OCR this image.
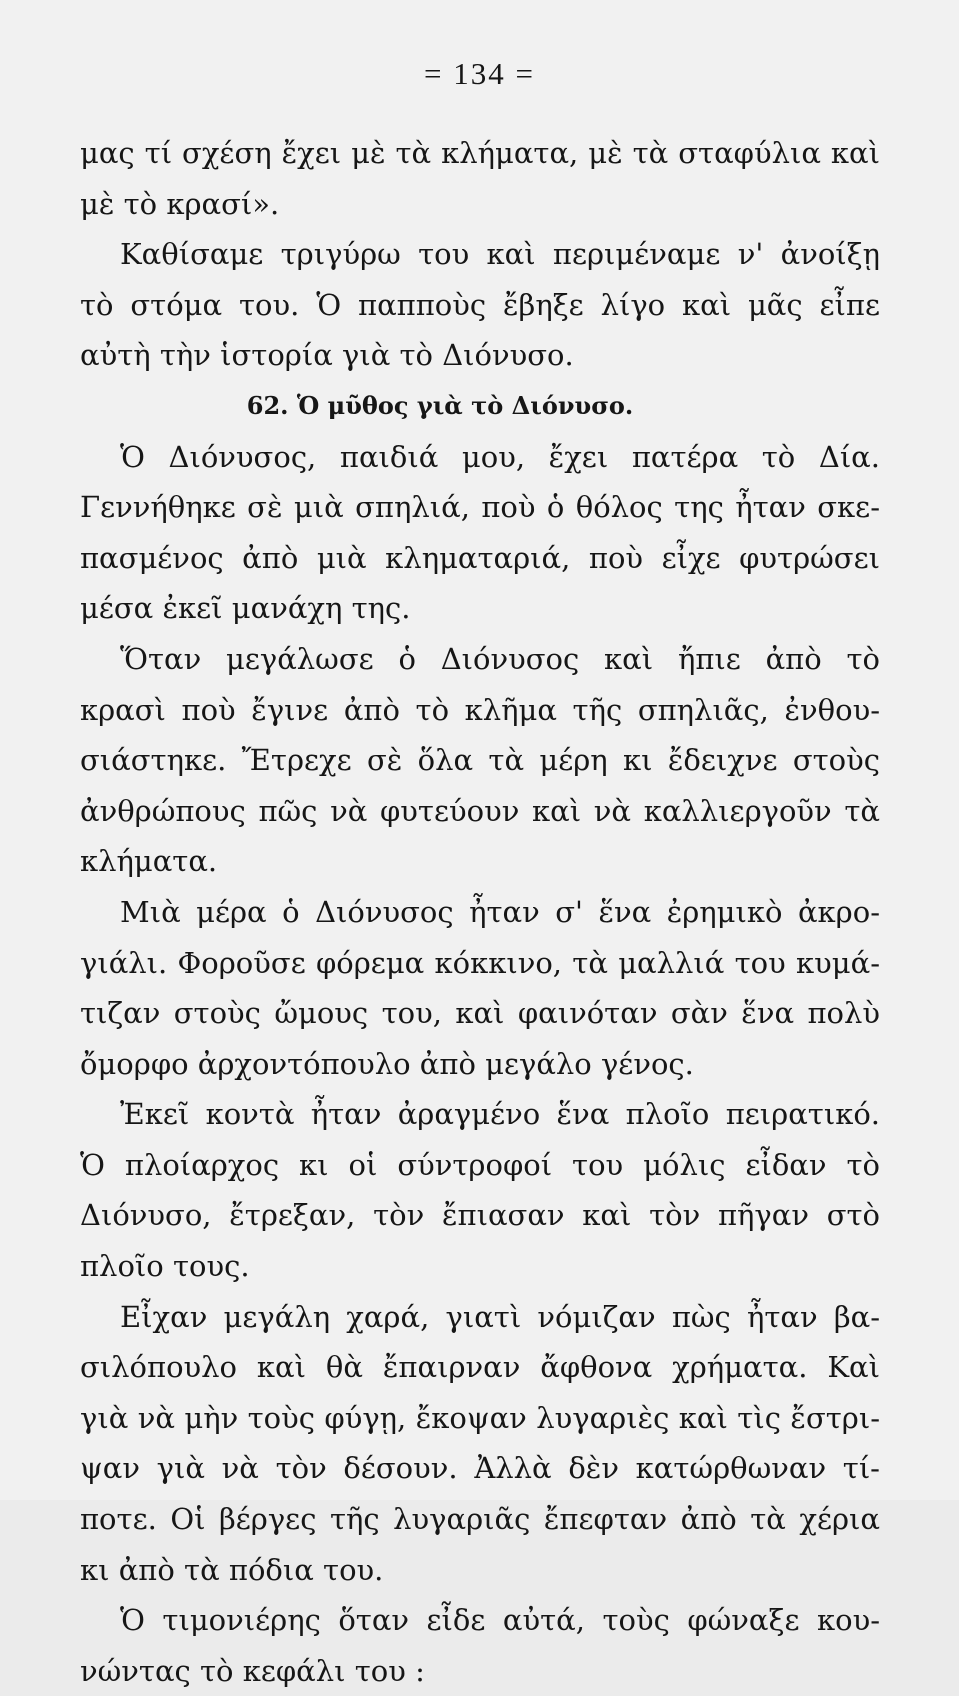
= 134 =
μας τί σχέση ἔχει μὲ τὰ κλήματα, μὲ τὰ σταφύλια καὶ
μὲ τὸ κρασί».
Καθίσαμε τριγύρω του καὶ περιμέναμε ν' ἀνοίξῃ
τὸ στόμα του. Ὁ παπποὺς ἔβηξε λίγο καὶ μᾶς εἶπε
αὐτὴ τὴν ἱστορία γιὰ τὸ Διόνυσο.
62. Ὁ μῦθος γιὰ τὸ Διόνυσο.
Ὁ Διόνυσος, παιδιά μου, ἔχει πατέρα τὸ Δία.
Γεννήθηκε σὲ μιὰ σπηλιά, ποὺ ὁ θόλος της ἦταν σκε-
πασμένος ἀπὸ μιὰ κληματαριά, ποὺ εἶχε φυτρώσει
μέσα ἐκεῖ μανάχη της.
Ὅταν μεγάλωσε ὁ Διόνυσος καὶ ἤπιε ἀπὸ τὸ
κρασὶ ποὺ ἔγινε ἀπὸ τὸ κλῆμα τῆς σπηλιᾶς, ἐνθου-
σιάστηκε. Ἔτρεχε σὲ ὅλα τὰ μέρη κι ἔδειχνε στοὺς
ἀνθρώπους πῶς νὰ φυτεύουν καὶ νὰ καλλιεργοῦν τὰ
κλήματα.
Μιὰ μέρα ὁ Διόνυσος ἦταν σ' ἕνα ἐρημικὸ ἀκρο-
γιάλι. Φοροῦσε φόρεμα κόκκινο, τὰ μαλλιά του κυμά-
τιζαν στοὺς ὤμους του, καὶ φαινόταν σὰν ἕνα πολὺ
ὄμορφο ἀρχοντόπουλο ἀπὸ μεγάλο γένος.
Ἐκεῖ κοντὰ ἦταν ἀραγμένο ἕνα πλοῖο πειρατικό.
Ὁ πλοίαρχος κι οἱ σύντροφοί του μόλις εἶδαν τὸ
Διόνυσο, ἔτρεξαν, τὸν ἔπιασαν καὶ τὸν πῆγαν στὸ
πλοῖο τους.
Εἶχαν μεγάλη χαρά, γιατὶ νόμιζαν πὼς ἦταν βα-
σιλόπουλο καὶ θὰ ἔπαιρναν ἄφθονα χρήματα. Καὶ
γιὰ νὰ μὴν τοὺς φύγῃ, ἔκοψαν λυγαριὲς καὶ τὶς ἔστρι-
ψαν γιὰ νὰ τὸν δέσουν. Ἀλλὰ δὲν κατώρθωναν τί-
ποτε. Οἱ βέργες τῆς λυγαριᾶς ἔπεφταν ἀπὸ τὰ χέρια
κι ἀπὸ τὰ πόδια του.
Ὁ τιμονιέρης ὅταν εἶδε αὐτά, τοὺς φώναξε κου-
νώντας τὸ κεφάλι του :
